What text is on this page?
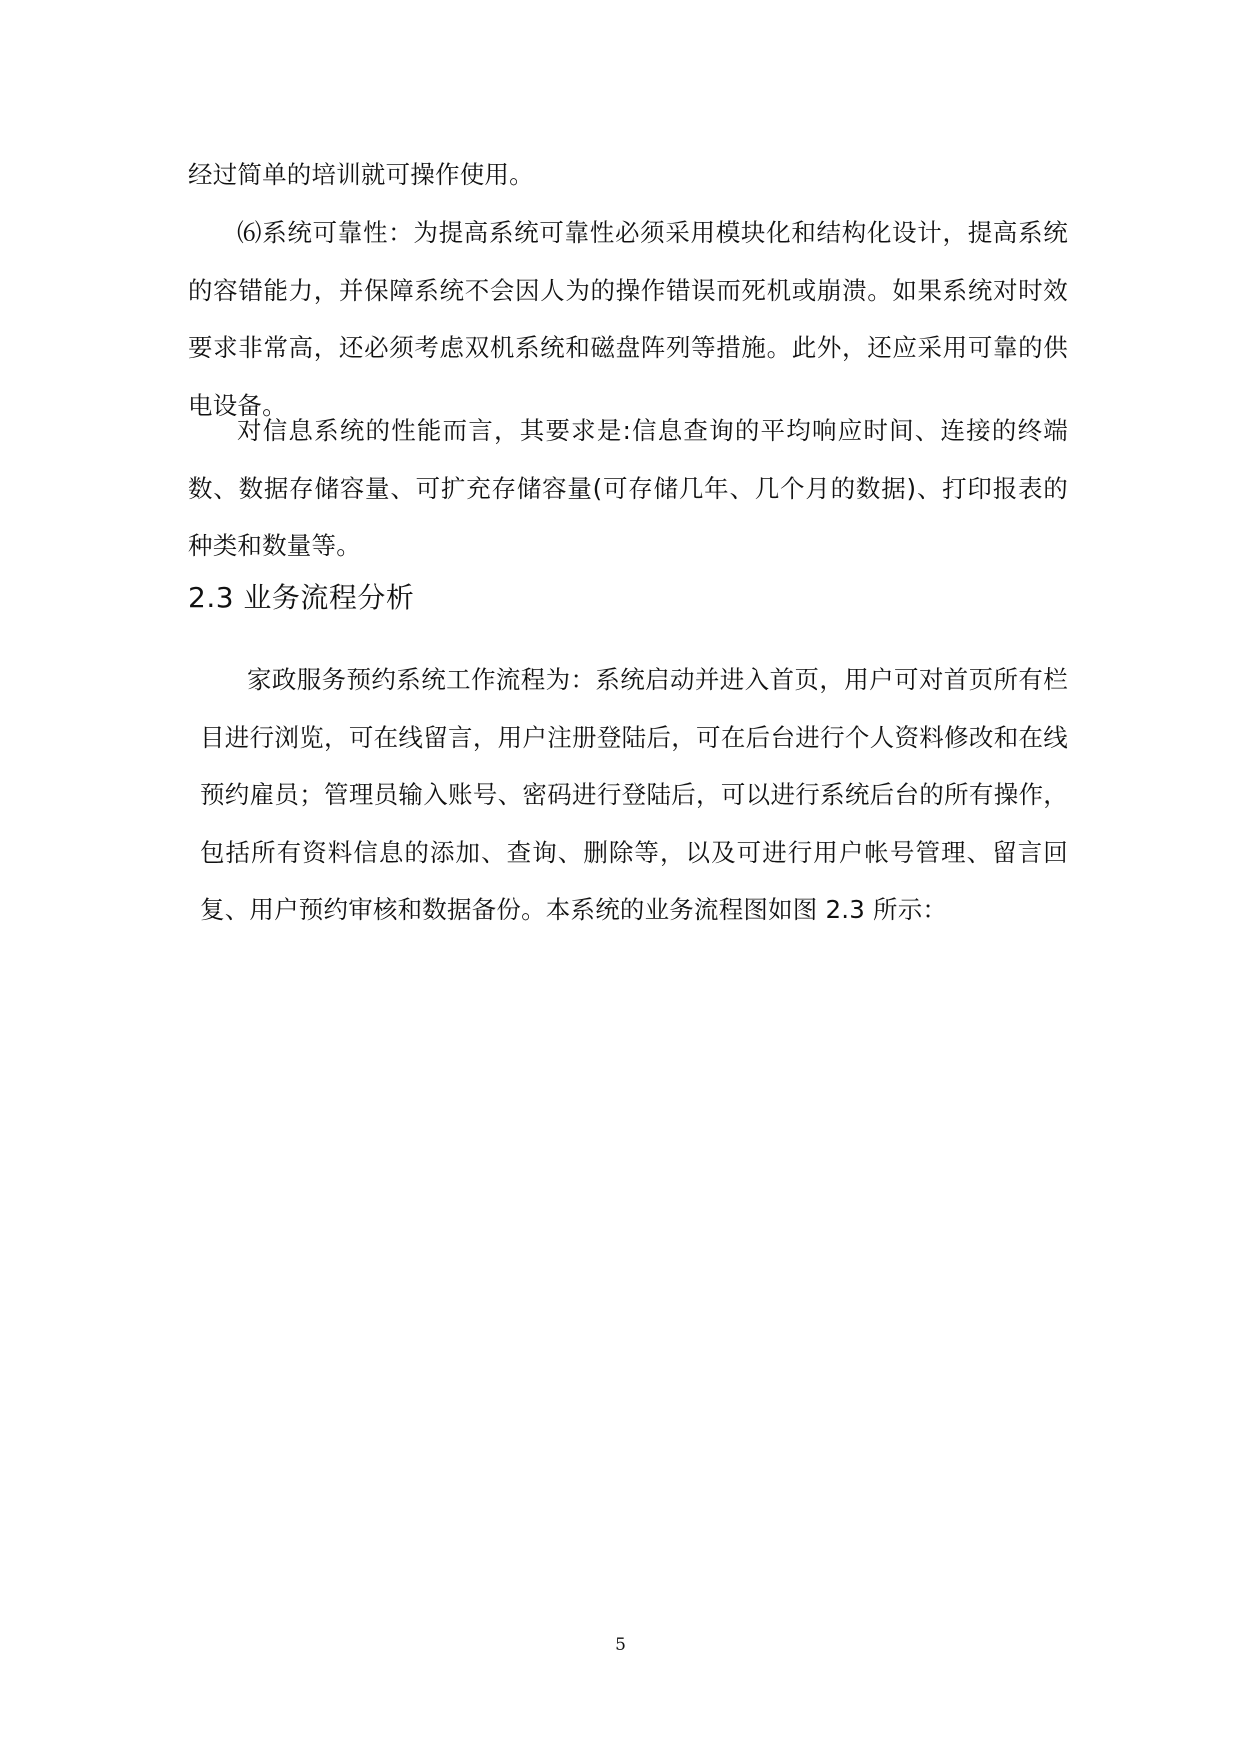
经过简单的培训就可操作使用。

⑹系统可靠性：为提高系统可靠性必须采用模块化和结构化设计，提高系统的容错能力，并保障系统不会因人为的操作错误而死机或崩溃。如果系统对时效要求非常高，还必须考虑双机系统和磁盘阵列等措施。此外，还应采用可靠的供电设备。

对信息系统的性能而言，其要求是:信息查询的平均响应时间、连接的终端数、数据存储容量、可扩充存储容量(可存储几年、几个月的数据)、打印报表的种类和数量等。

2.3 业务流程分析

家政服务预约系统工作流程为：系统启动并进入首页，用户可对首页所有栏目进行浏览，可在线留言，用户注册登陆后，可在后台进行个人资料修改和在线预约雇员；管理员输入账号、密码进行登陆后，可以进行系统后台的所有操作，包括所有资料信息的添加、查询、删除等，以及可进行用户帐号管理、留言回复、用户预约审核和数据备份。本系统的业务流程图如图 2.3 所示：

5
